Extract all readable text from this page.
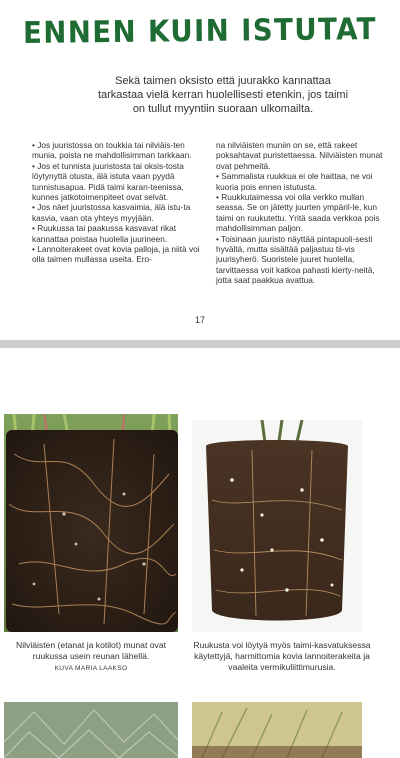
ENNEN KUIN ISTUTAT

Sekä taimen oksisto että juurakko kannattaa tarkastaa vielä kerran huolellisesti etenkin, jos taimi on tullut myyntiin suoraan ulkomailta.

• Jos juuristossa on toukkia tai nilviäis-ten munia, poista ne mahdollisimman tarkkaan.

• Jos et tunnista juuristosta tai oksis-tosta löytynyttä otusta, älä istuta vaan pyydä tunnistusapua. Pidä taimi karan-teenissa, kunnes jatkotoimenpiteet ovat selvät.

• Jos näet juuristossa kasvaimia, älä istu-ta kasvia, vaan ota yhteys myyjään.

• Ruukussa tai paakussa kasvavat rikat kannattaa poistaa huolella juurineen.

• Lannoiterakeet ovat kovia palloja, ja niitä voi olla taimen mullassa useita. Ero-

na nilviäisten muniin on se, että rakeet poksahtavat puristettaessa. Nilviäisten munat ovat pehmeitä.

• Sammalista ruukkua ei ole haittaa, ne voi kuoria pois ennen istutusta.

• Ruukkutaimessa voi olla verkko mullan seassa. Se on jätetty juurten ympäril-le, kun taimi on ruukutettu. Yritä saada verkkoa pois mahdollisimman paljon.

• Toisinaan juuristo näyttää pintapuoli-sesti hyvältä, mutta sisältää paljastuu tii-vis juurisyherö. Suoristele juuret huolella, tarvittaessa voit katkoa pahasti kierty-neitä, jotta saat paakkua avattua.

17

Nilviäisten (etanat ja kotilot) munat ovat ruukussa usein reunan lähellä.
KUVA MARIA LAAKSO

Ruukusta voi löytyä myös taimi-kasvatuksessa käytettyjä, harmittomia kovia lannoiterakeita ja vaaleita vermikuliittimurusia.
